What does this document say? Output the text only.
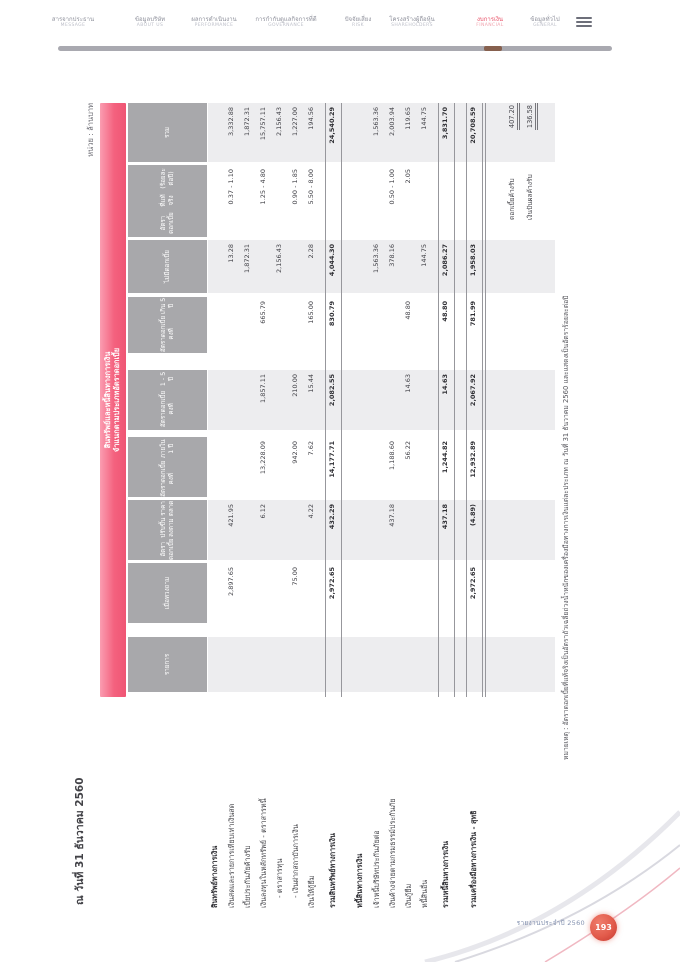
สารจากประธาน
MESSAGE
ข้อมูลบริษัท
ABOUT US
ผลการดำเนินงาน
PERFORMANCE
การกำกับดูแลกิจการที่ดี
GOVERNANCE
ปัจจัยเสี่ยง
RISK
โครงสร้างผู้ถือหุ้น
SHAREHOLDERS
งบการเงิน
FINANCIAL
ข้อมูลทั่วไป
GENERAL
ณ วันที่ 31 ธันวาคม 2560
หน่วย : ล้านบาท
สินทรัพย์และหนี้สินทางการเงิน จำแนกตามประเภทอัตราดอกเบี้ย
รายการ
เมื่อ

ทวงถาม
อัตราดอกเบี้ย

ปรับขึ้นลงตาม

ราคาตลาด
อัตราดอกเบี้ยคงที่

ภายใน 1 ปี
อัตราดอกเบี้ยคงที่

1 - 5 ปี
อัตราดอกเบี้ยคงที่

เกิน 5 ปี
ไม่มี

ดอกเบี้ย
อัตราดอกเบี้ย

ที่แท้จริง

(ร้อยละต่อปี)
รวม
สินทรัพย์ทางการเงิน เงินสดและรายการเทียบเท่าเงินสด
2,897.65
421.95
13.28
0.37 - 1.10
3,332.88
เบี้ยประกันภัยค้างรับ
1,872.31
1,872.31
เงินลงทุนในหลักทรัพย์ - ตราสารหนี้
6.12
13,228.09
1,857.11
665.79
1.25 - 4.80
15,757.11
- ตราสารทุน
2,156.43
2,156.43
- เงินฝากสถาบันการเงิน
75.00
942.00
210.00
0.90 - 1.85
1,227.00
เงินให้กู้ยืม
4.22
7.62
15.44
165.00
2.28
5.50 - 8.00
194.56
รวมสินทรัพย์ทางการเงิน
2,972.65
432.29
14,177.71
2,082.55
830.79
4,044.30
24,540.29
หนี้สินทางการเงิน เจ้าหนี้บริษัทประกันภัยต่อ
1,563.36
1,563.36
เงินค้างจ่ายตามกรมธรรม์ประกันภัย
437.18
1,188.60
378.16
0.50 - 1.00
2,003.94
เงินกู้ยืม
56.22
14.63
48.80
2.05
119.65
หนี้สินอื่น
144.75
144.75
รวมหนี้สินทางการเงิน
437.18
1,244.82
14.63
48.80
2,086.27
3,831.70
รวมเครื่องมือทางการเงิน - สุทธิ
2,972.65
(4.89)
12,932.89
2,067.92
781.99
1,958.03
20,708.59
ดอกเบี้ยค้างรับ
407.20
เงินปันผลค้างรับ
136.58
หมายเหตุ : อัตราดอกเบี้ยที่แท้จริงเป็นอัตราถัวเฉลี่ยถ่วงน้ำหนักของเครื่องมือทางการเงินแต่ละประเภท ณ วันที่ 31 ธันวาคม 2560 และแสดงเป็นอัตราร้อยละต่อปี
รายงานประจำปี 2560	193
